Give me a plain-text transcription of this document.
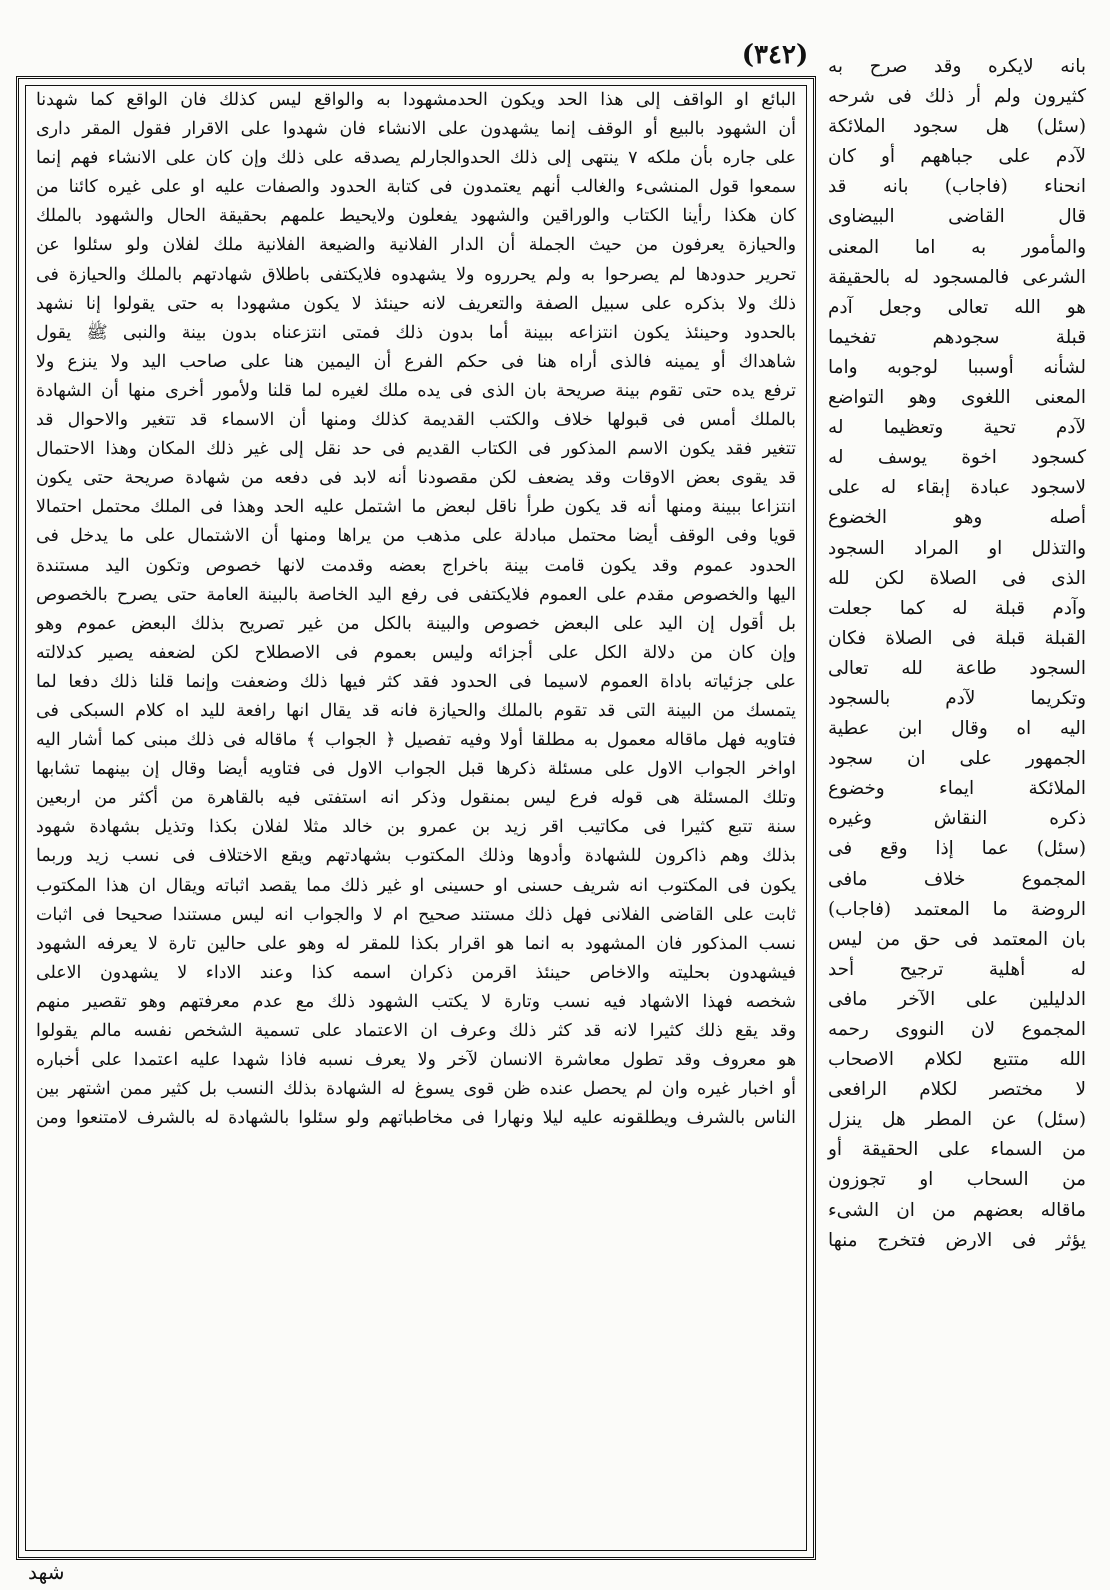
(٣٤٢)
البائع او الواقف إلى هذا الحد ويكون الحدمشهودا به والواقع ليس كذلك فان الواقع كما شهدنا
أن الشهود بالبيع أو الوقف إنما يشهدون على الانشاء فان شهدوا على الاقرار فقول المقر دارى
على جاره بأن ملكه ٧ ينتهى إلى ذلك الحدوالجارلم يصدقه على ذلك وإن كان على الانشاء فهم إنما
سمعوا قول المنشىء والغالب أنهم يعتمدون فى كتابة الحدود والصفات عليه او على غيره كائنا من
كان هكذا رأينا الكتاب والوراقين والشهود يفعلون ولايحيط علمهم بحقيقة الحال والشهود بالملك
والحيازة يعرفون من حيث الجملة أن الدار الفلانية والضيعة الفلانية ملك لفلان ولو سئلوا عن
تحرير حدودها لم يصرحوا به ولم يحرروه ولا يشهدوه فلايكتفى باطلاق شهادتهم بالملك والحيازة فى
ذلك ولا بذكره على سبيل الصفة والتعريف لانه حينئذ لا يكون مشهودا به حتى يقولوا إنا نشهد
بالحدود وحينئذ يكون انتزاعه ببينة أما بدون ذلك فمتى انتزعناه بدون بينة والنبى ﷺ يقول
شاهداك أو يمينه فالذى أراه هنا فى حكم الفرع أن اليمين هنا على صاحب اليد ولا ينزع ولا
ترفع يده حتى تقوم بينة صريحة بان الذى فى يده ملك لغيره لما قلنا ولأمور أخرى منها أن الشهادة
بالملك أمس فى قبولها خلاف والكتب القديمة كذلك ومنها أن الاسماء قد تتغير والاحوال قد
تتغير فقد يكون الاسم المذكور فى الكتاب القديم فى حد نقل إلى غير ذلك المكان وهذا الاحتمال
قد يقوى بعض الاوقات وقد يضعف لكن مقصودنا أنه لابد فى دفعه من شهادة صريحة حتى يكون
انتزاعا ببينة ومنها أنه قد يكون طرأ ناقل لبعض ما اشتمل عليه الحد وهذا فى الملك محتمل احتمالا
قويا وفى الوقف أيضا محتمل مبادلة على مذهب من يراها ومنها أن الاشتمال على ما يدخل فى
الحدود عموم وقد يكون قامت بينة باخراج بعضه وقدمت لانها خصوص وتكون اليد مستندة
اليها والخصوص مقدم على العموم فلايكتفى فى رفع اليد الخاصة بالبينة العامة حتى يصرح بالخصوص
بل أقول إن اليد على البعض خصوص والبينة بالكل من غير تصريح بذلك البعض عموم وهو
وإن كان من دلالة الكل على أجزائه وليس بعموم فى الاصطلاح لكن لضعفه يصير كدلالته
على جزئياته باداة العموم لاسيما فى الحدود فقد كثر فيها ذلك وضعفت وإنما قلنا ذلك دفعا لما
يتمسك من البينة التى قد تقوم بالملك والحيازة فانه قد يقال انها رافعة لليد اه كلام السبكى فى
فتاويه فهل ماقاله معمول به مطلقا أولا وفيه تفصيل ﴿ الجواب ﴾ ماقاله فى ذلك مبنى كما أشار اليه
اواخر الجواب الاول على مسئلة ذكرها قبل الجواب الاول فى فتاويه أيضا وقال إن بينهما تشابها
وتلك المسئلة هى قوله فرع ليس بمنقول وذكر انه استفتى فيه بالقاهرة من أكثر من اربعين
سنة تتبع كثيرا فى مكاتيب اقر زيد بن عمرو بن خالد مثلا لفلان بكذا وتذيل بشهادة شهود
بذلك وهم ذاكرون للشهادة وأدوها وذلك المكتوب بشهادتهم ويقع الاختلاف فى نسب زيد وربما
يكون فى المكتوب انه شريف حسنى او حسينى او غير ذلك مما يقصد اثباته ويقال ان هذا المكتوب
ثابت على القاضى الفلانى فهل ذلك مستند صحيح ام لا والجواب انه ليس مستندا صحيحا فى اثبات
نسب المذكور فان المشهود به انما هو اقرار بكذا للمقر له وهو على حالين تارة لا يعرفه الشهود
فيشهدون بحليته والاخاص حينئذ اقرمن ذكران اسمه كذا وعند الاداء لا يشهدون الاعلى
شخصه فهذا الاشهاد فيه نسب وتارة لا يكتب الشهود ذلك مع عدم معرفتهم وهو تقصير منهم
وقد يقع ذلك كثيرا لانه قد كثر ذلك وعرف ان الاعتماد على تسمية الشخص نفسه مالم يقولوا
هو معروف وقد تطول معاشرة الانسان لآخر ولا يعرف نسبه فاذا شهدا عليه اعتمدا على أخباره
أو اخبار غيره وان لم يحصل عنده ظن قوى يسوغ له الشهادة بذلك النسب بل كثير ممن اشتهر بين
الناس بالشرف ويطلقونه عليه ليلا ونهارا فى مخاطباتهم ولو سئلوا بالشهادة له بالشرف لامتنعوا ومن
بانه لايكره وقد صرح به
كثيرون ولم أر ذلك فى شرحه
(سئل) هل سجود الملائكة
لآدم على جباههم أو كان
انحناء (فاجاب) بانه قد
قال القاضى البيضاوى
والمأمور به اما المعنى
الشرعى فالمسجود له بالحقيقة
هو الله تعالى وجعل آدم
قبلة سجودهم تفخيما
لشأنه أوسببا لوجوبه واما
المعنى اللغوى وهو التواضع
لآدم تحية وتعظيما له
كسجود اخوة يوسف له
لاسجود عبادة إبقاء له على
أصله وهو الخضوع
والتذلل او المراد السجود
الذى فى الصلاة لكن لله
وآدم قبلة له كما جعلت
القبلة قبلة فى الصلاة فكان
السجود طاعة لله تعالى
وتكريما لآدم بالسجود
اليه اه وقال ابن عطية
الجمهور على ان سجود
الملائكة ايماء وخضوع
ذكره النقاش وغيره
(سئل) عما إذا وقع فى
المجموع خلاف مافى
الروضة ما المعتمد (فاجاب)
بان المعتمد فى حق من ليس
له أهلية ترجيح أحد
الدليلين على الآخر مافى
المجموع لان النووى رحمه
الله متتبع لكلام الاصحاب
لا مختصر لكلام الرافعى
(سئل) عن المطر هل ينزل
من السماء على الحقيقة أو
من السحاب او تجوزون
ماقاله بعضهم من ان الشىء
يؤثر فى الارض فتخرج منها
شهد
